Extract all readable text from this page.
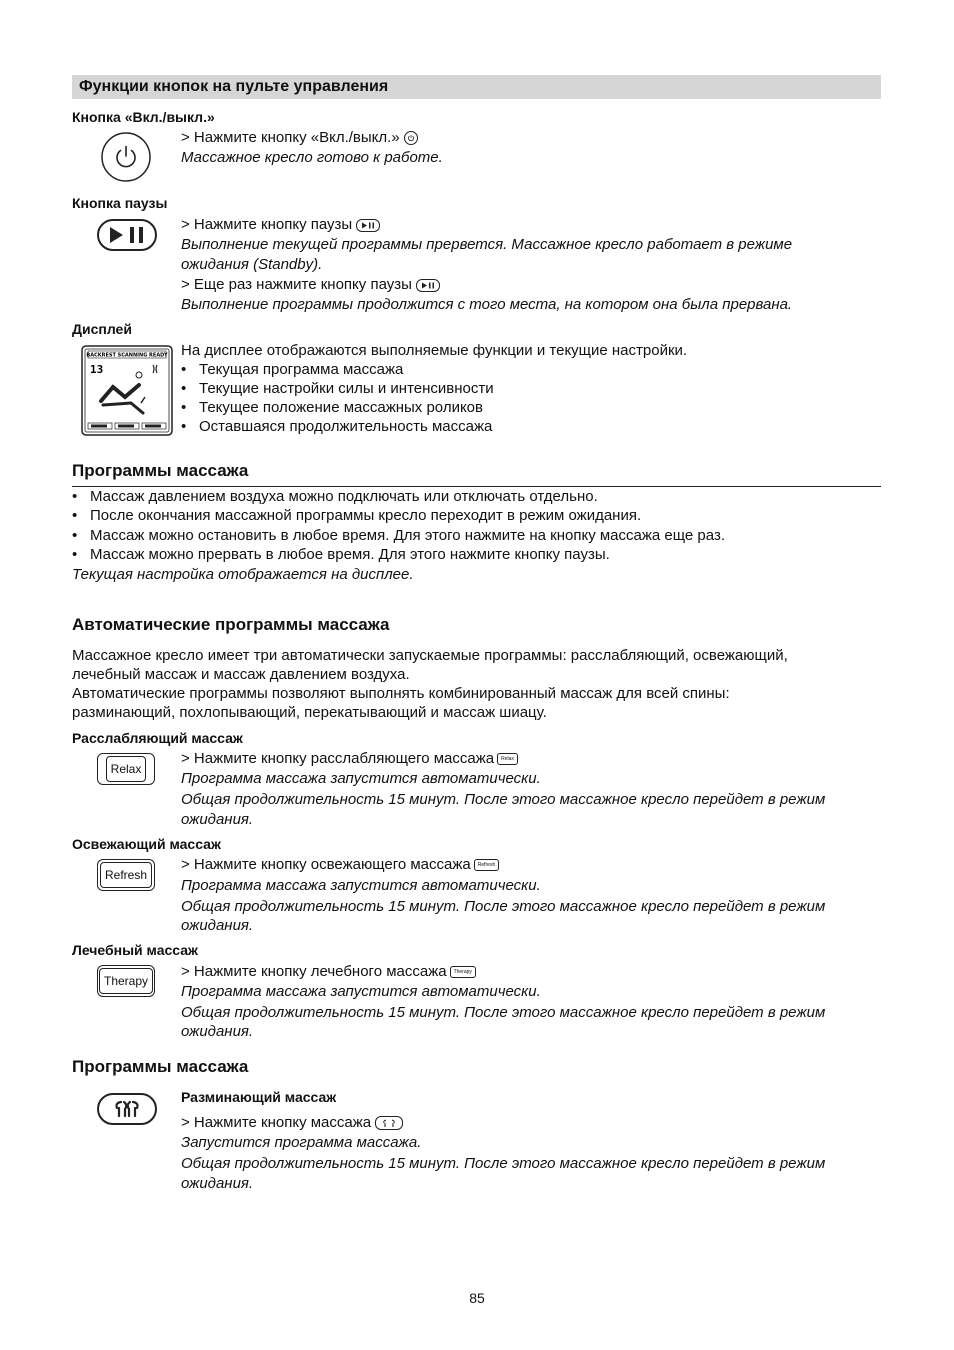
Функции кнопок на пульте управления
Кнопка «Вкл./выкл.»
> Нажмите кнопку «Вкл./выкл.»
Массажное кресло готово к работе.
Кнопка паузы
> Нажмите кнопку паузы
Выполнение текущей программы прервется. Массажное кресло работает в режиме
ожидания (Standby).
> Еще раз нажмите кнопку паузы
Выполнение программы продолжится с того места, на котором она была прервана.
Дисплей
BACKREST SCANNING READY
13
На дисплее отображаются выполняемые функции и текущие настройки.
• Текущая программа массажа
• Текущие настройки силы и интенсивности
• Текущее положение массажных роликов
• Оставшаяся продолжительность массажа
Программы массажа
• Массаж давлением воздуха можно подключать или отключать отдельно.
• После окончания массажной программы кресло переходит в режим ожидания.
• Массаж можно остановить в любое время. Для этого нажмите на кнопку массажа еще раз.
• Массаж можно прервать в любое время. Для этого нажмите кнопку паузы.
Текущая настройка отображается на дисплее.
Автоматические программы массажа
Массажное кресло имеет три автоматически запускаемые программы: расслабляющий, освежающий,
лечебный массаж и массаж давлением воздуха.
Автоматические программы позволяют выполнять комбинированный массаж для всей спины:
разминающий, похлопывающий, перекатывающий и массаж шиацу.
Расслабляющий массаж
Relax
> Нажмите кнопку расслабляющего массажа Relax
Программа массажа запустится автоматически.
Общая продолжительность 15 минут. После этого массажное кресло перейдет в режим
ожидания.
Освежающий массаж
Refresh
> Нажмите кнопку освежающего массажа Refresh
Программа массажа запустится автоматически.
Общая продолжительность 15 минут. После этого массажное кресло перейдет в режим
ожидания.
Лечебный массаж
Therapy
> Нажмите кнопку лечебного массажа Therapy
Программа массажа запустится автоматически.
Общая продолжительность 15 минут. После этого массажное кресло перейдет в режим
ожидания.
Программы массажа
Разминающий массаж
> Нажмите кнопку массажа
Запустится программа массажа.
Общая продолжительность 15 минут. После этого массажное кресло перейдет в режим
ожидания.
85
